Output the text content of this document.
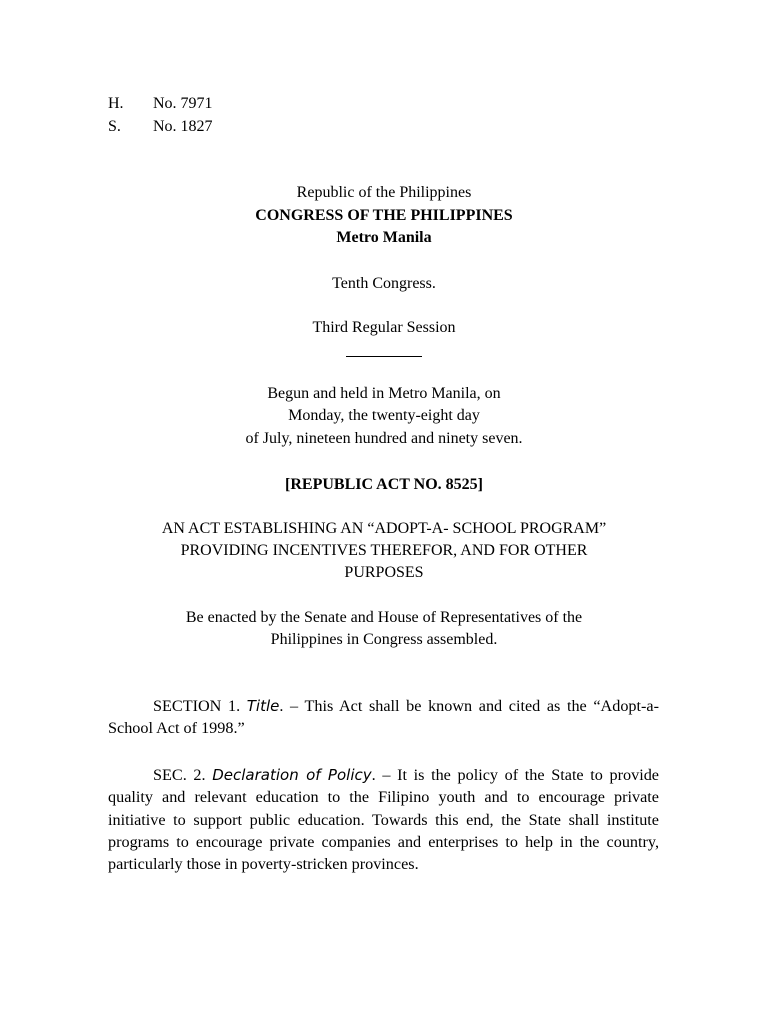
H. No. 7971
S. No. 1827
Republic of the Philippines
CONGRESS OF THE PHILIPPINES
Metro Manila
Tenth Congress.
Third Regular Session
Begun and held in Metro Manila, on
Monday, the twenty-eight day
of July, nineteen hundred and ninety seven.
[REPUBLIC ACT NO. 8525]
AN ACT ESTABLISHING AN “ADOPT-A- SCHOOL PROGRAM”
PROVIDING INCENTIVES THEREFOR, AND FOR OTHER
PURPOSES
Be enacted by the Senate and House of Representatives of the
Philippines in Congress assembled.
SECTION 1. Title. – This Act shall be known and cited as the “Adopt-a-School Act of 1998.”
SEC. 2. Declaration of Policy. – It is the policy of the State to provide quality and relevant education to the Filipino youth and to encourage private initiative to support public education. Towards this end, the State shall institute programs to encourage private companies and enterprises to help in the country, particularly those in poverty-stricken provinces.
